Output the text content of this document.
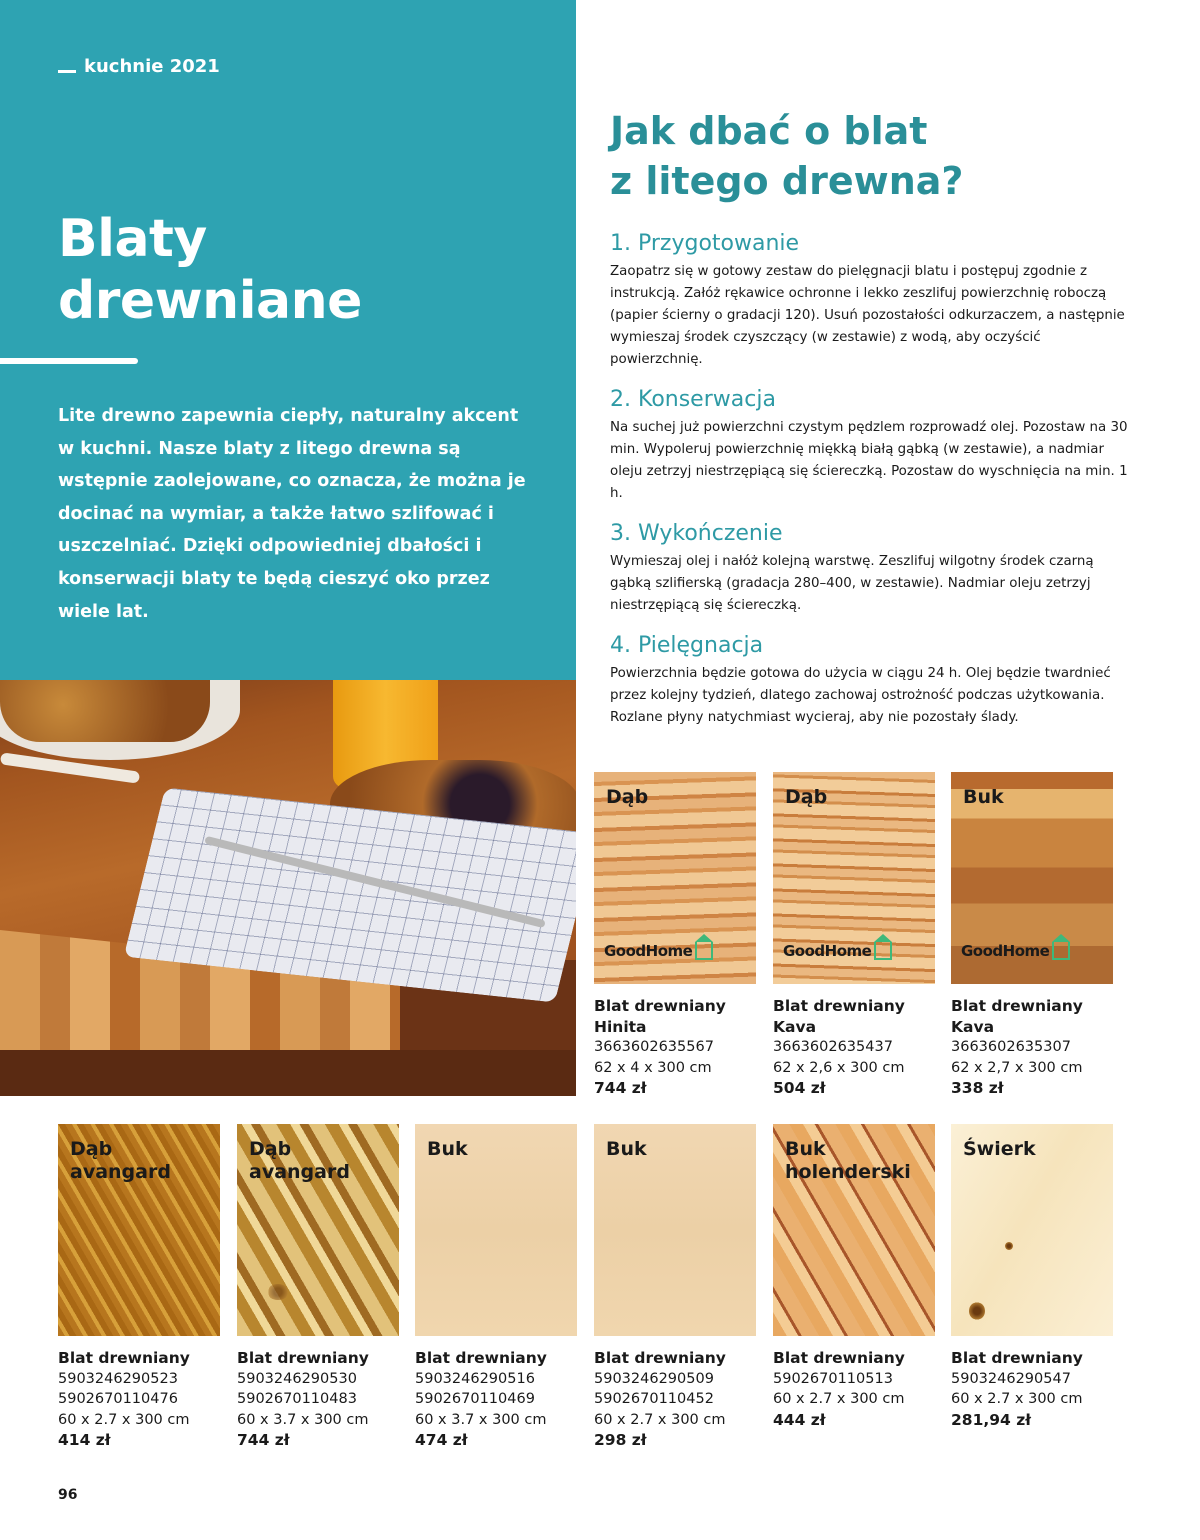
kuchnie 2021
Blaty
drewniane

Lite drewno zapewnia ciepły, naturalny akcent w kuchni. Nasze blaty z litego drewna są wstępnie zaolejowane, co oznacza, że można je docinać na wymiar, a także łatwo szlifować i uszczelniać. Dzięki odpowiedniej dbałości i konserwacji blaty te będą cieszyć oko przez wiele lat.

Jak dbać o blat
z litego drewna?
1. Przygotowanie

Zaopatrz się w gotowy zestaw do pielęgnacji blatu i postępuj zgodnie z instrukcją. Załóż rękawice ochronne i lekko zeszlifuj powierzchnię roboczą (papier ścierny o gradacji 120). Usuń pozostałości odkurzaczem, a następnie wymieszaj środek czyszczący (w zestawie) z wodą, aby oczyścić powierzchnię.

2. Konserwacja

Na suchej już powierzchni czystym pędzlem rozprowadź olej. Pozostaw na 30 min. Wypoleruj powierzchnię miękką białą gąbką (w zestawie), a nadmiar oleju zetrzyj niestrzępiącą się ściereczką. Pozostaw do wyschnięcia na min. 1 h.

3. Wykończenie

Wymieszaj olej i nałóż kolejną warstwę. Zeszlifuj wilgotny środek czarną gąbką szlifierską (gradacja 280–400, w zestawie). Nadmiar oleju zetrzyj niestrzępiącą się ściereczką.

4. Pielęgnacja

Powierzchnia będzie gotowa do użycia w ciągu 24 h. Olej będzie twardnieć przez kolejny tydzień, dlatego zachowaj ostrożność podczas użytkowania. Rozlane płyny natychmiast wycieraj, aby nie pozostały ślady.

Dąb
GoodHome
Blat drewniany
Hinita
3663602635567
62 x 4 x 300 cm
744 zł
Dąb
GoodHome
Blat drewniany
Kava
3663602635437
62 x 2,6 x 300 cm
504 zł
Buk
GoodHome
Blat drewniany
Kava
3663602635307
62 x 2,7 x 300 cm
338 zł
Dąb avangard
Blat drewniany
5903246290523
5902670110476
60 x 2.7 x 300 cm
414 zł
Dąb avangard
Blat drewniany
5903246290530
5902670110483
60 x 3.7 x 300 cm
744 zł
Buk
Blat drewniany
5903246290516
5902670110469
60 x 3.7 x 300 cm
474 zł
Buk
Blat drewniany
5903246290509
5902670110452
60 x 2.7 x 300 cm
298 zł
Buk holenderski
Blat drewniany
5902670110513
60 x 2.7 x 300 cm
444 zł
Świerk
Blat drewniany
5903246290547
60 x 2.7 x 300 cm
281,94 zł
96
